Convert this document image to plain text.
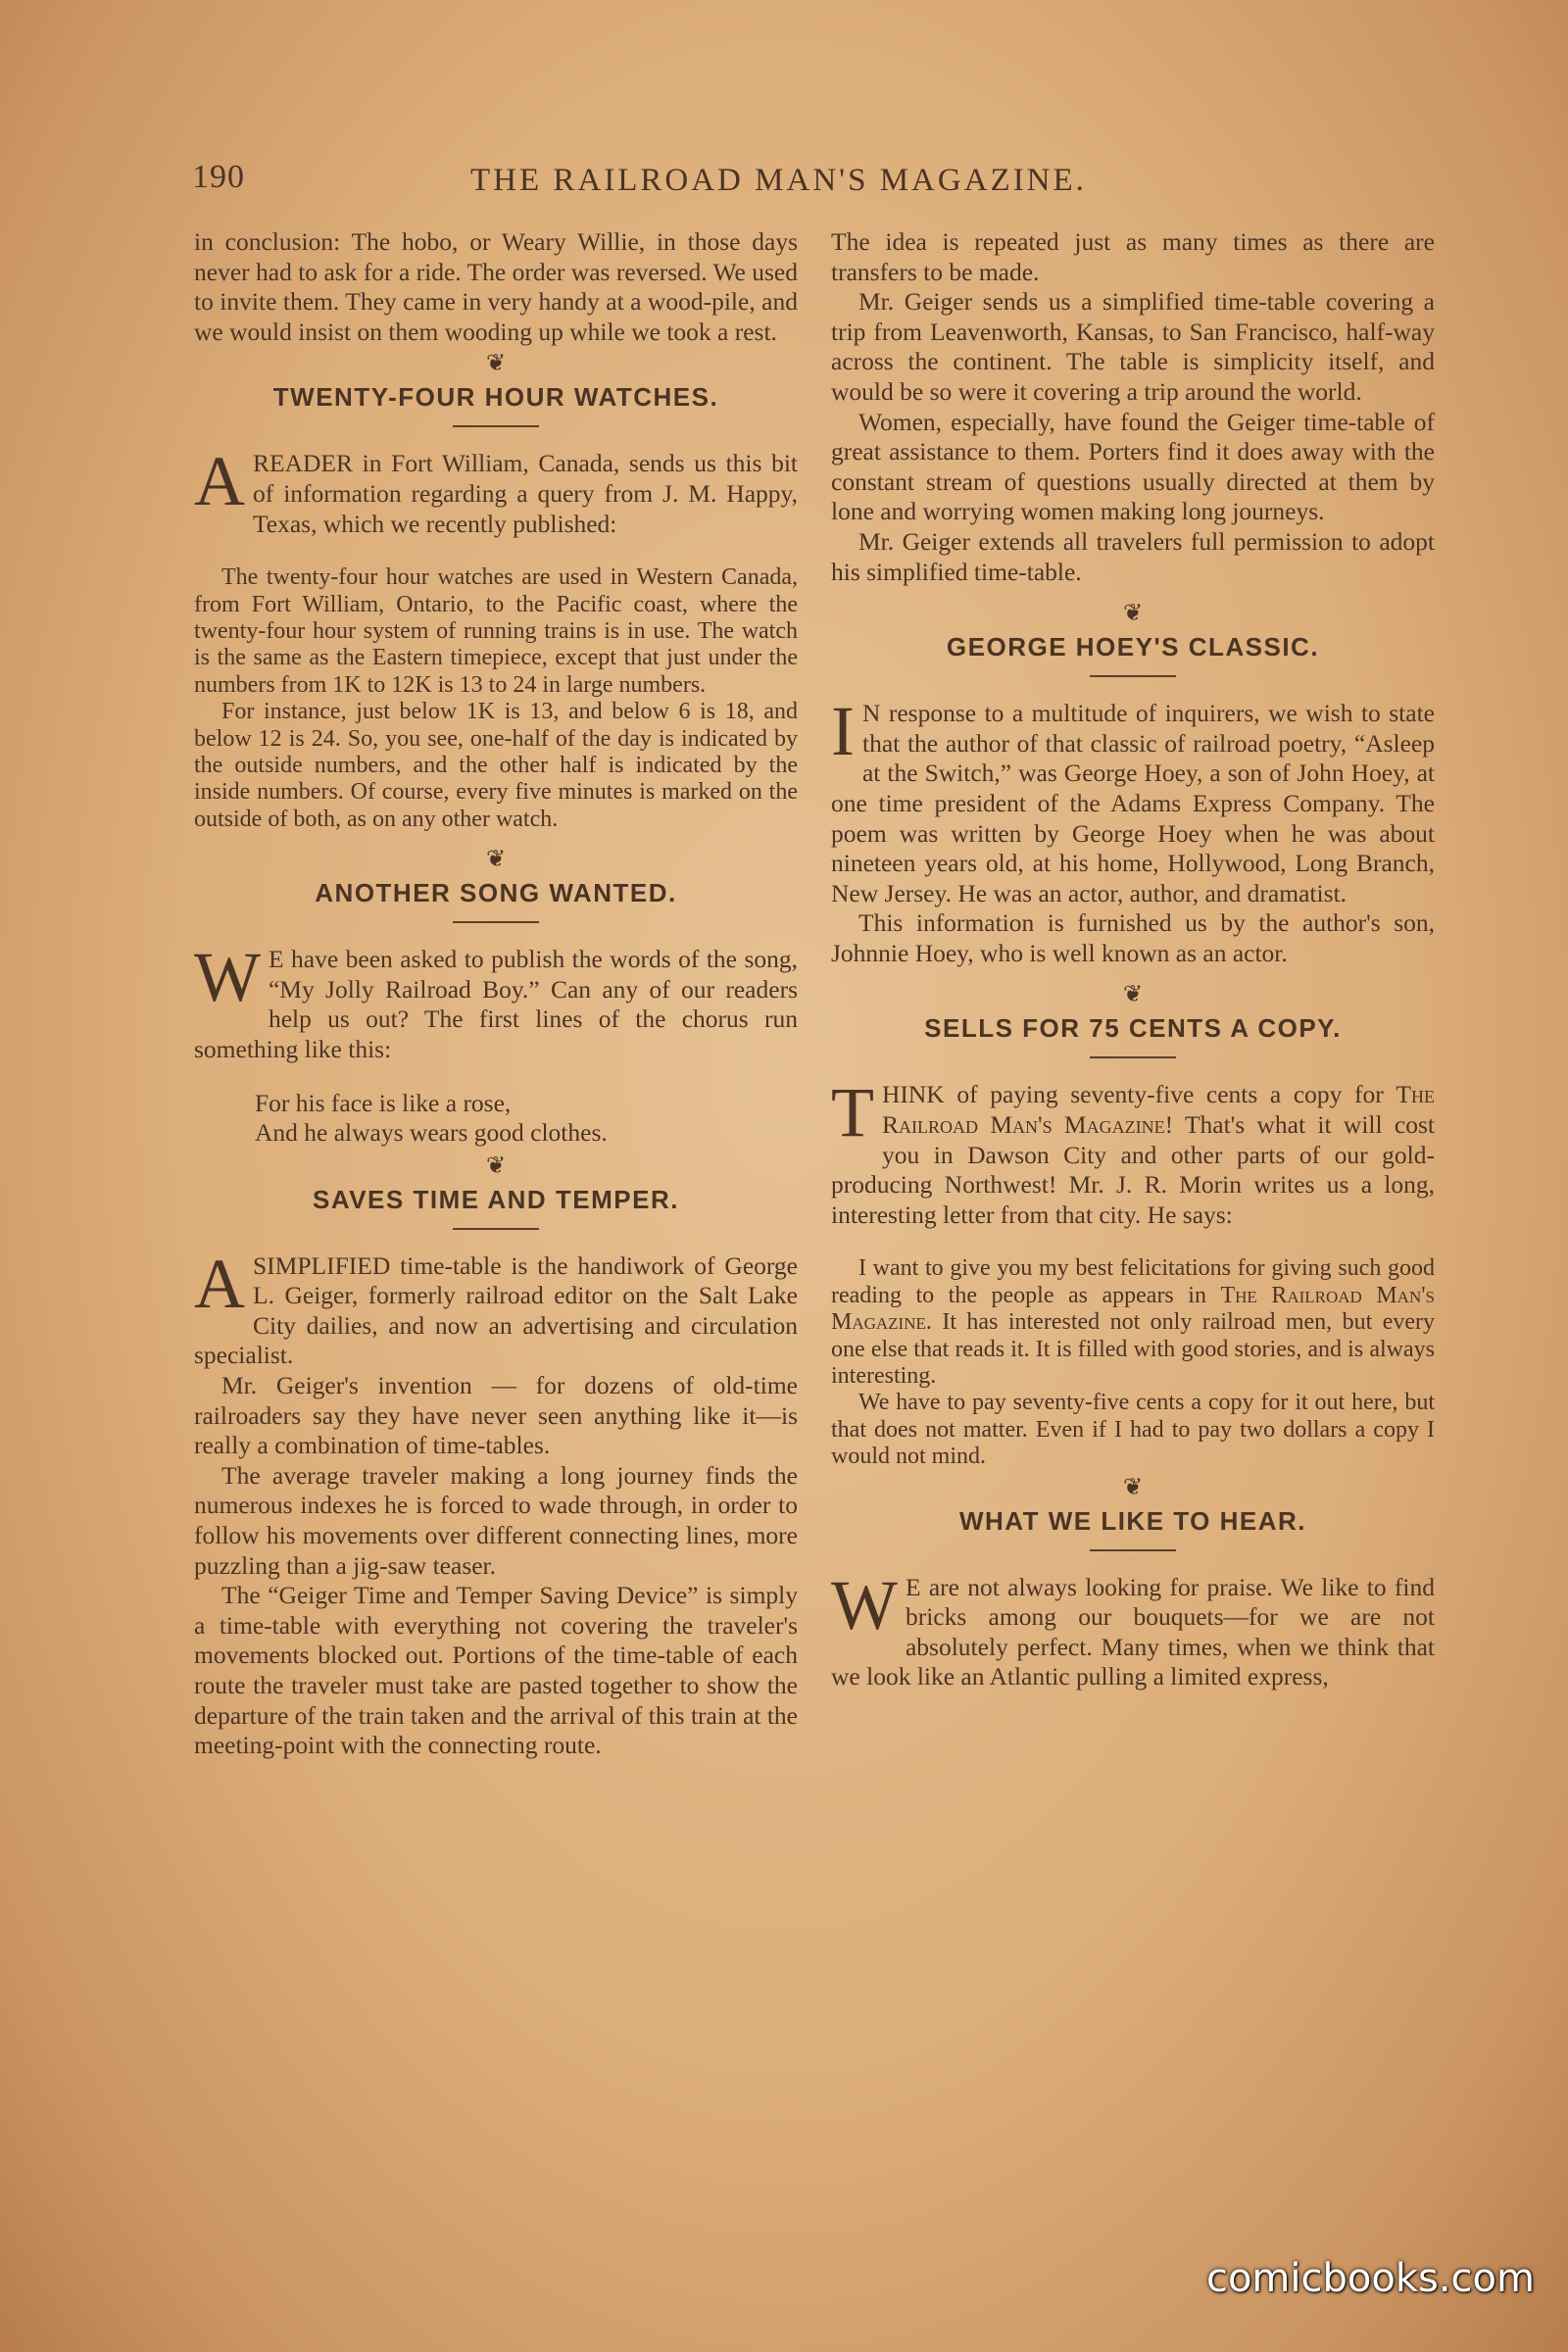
190	THE RAILROAD MAN'S MAGAZINE.

in conclusion: The hobo, or Weary Willie, in those days never had to ask for a ride. The order was reversed. We used to invite them. They came in very handy at a wood-pile, and we would insist on them wooding up while we took a rest.

❦
TWENTY-FOUR HOUR WATCHES.

AREADER in Fort William, Canada, sends us this bit of information regarding a query from J. M. Happy, Texas, which we recently published:

The twenty-four hour watches are used in Western Canada, from Fort William, Ontario, to the Pacific coast, where the twenty-four hour system of running trains is in use. The watch is the same as the Eastern timepiece, except that just under the numbers from 1K to 12K is 13 to 24 in large numbers.

For instance, just below 1K is 13, and below 6 is 18, and below 12 is 24. So, you see, one-half of the day is indicated by the outside numbers, and the other half is indicated by the inside numbers. Of course, every five minutes is marked on the outside of both, as on any other watch.

❦
ANOTHER SONG WANTED.

W E have been asked to publish the words of the song, “My Jolly Railroad Boy.” Can any of our readers help us out? The first lines of the chorus run something like this:

For his face is like a rose,
And he always wears good clothes.
❦
SAVES TIME AND TEMPER.

ASIMPLIFIED time-table is the handiwork of George L. Geiger, formerly railroad editor on the Salt Lake City dailies, and now an advertising and circulation specialist.

Mr. Geiger's invention — for dozens of old-time railroaders say they have never seen anything like it—is really a combination of time-tables.

The average traveler making a long journey finds the numerous indexes he is forced to wade through, in order to follow his movements over different connecting lines, more puzzling than a jig-saw teaser.

The “Geiger Time and Temper Saving Device” is simply a time-table with everything not covering the traveler's movements blocked out. Portions of the time-table of each route the traveler must take are pasted together to show the departure of the train taken and the arrival of this train at the meeting-point with the connecting route.

The idea is repeated just as many times as there are transfers to be made.

Mr. Geiger sends us a simplified time-table covering a trip from Leavenworth, Kansas, to San Francisco, half-way across the continent. The table is simplicity itself, and would be so were it covering a trip around the world.

Women, especially, have found the Geiger time-table of great assistance to them. Porters find it does away with the constant stream of questions usually directed at them by lone and worrying women making long journeys.

Mr. Geiger extends all travelers full permission to adopt his simplified time-table.

❦
GEORGE HOEY'S CLASSIC.

I N response to a multitude of inquirers, we wish to state that the author of that classic of railroad poetry, “Asleep at the Switch,” was George Hoey, a son of John Hoey, at one time president of the Adams Express Company. The poem was written by George Hoey when he was about nineteen years old, at his home, Hollywood, Long Branch, New Jersey. He was an actor, author, and dramatist.

This information is furnished us by the author's son, Johnnie Hoey, who is well known as an actor.

❦
SELLS FOR 75 CENTS A COPY.

THINK of paying seventy-five cents a copy for The Railroad Man's Magazine! That's what it will cost you in Dawson City and other parts of our gold-producing Northwest! Mr. J. R. Morin writes us a long, interesting letter from that city. He says:

I want to give you my best felicitations for giving such good reading to the people as appears in The Railroad Man's Magazine. It has interested not only railroad men, but every one else that reads it. It is filled with good stories, and is always interesting.

We have to pay seventy-five cents a copy for it out here, but that does not matter. Even if I had to pay two dollars a copy I would not mind.

❦
WHAT WE LIKE TO HEAR.

W E are not always looking for praise. We like to find bricks among our bouquets—for we are not absolutely perfect. Many times, when we think that we look like an Atlantic pulling a limited express,

comicbooks.com
